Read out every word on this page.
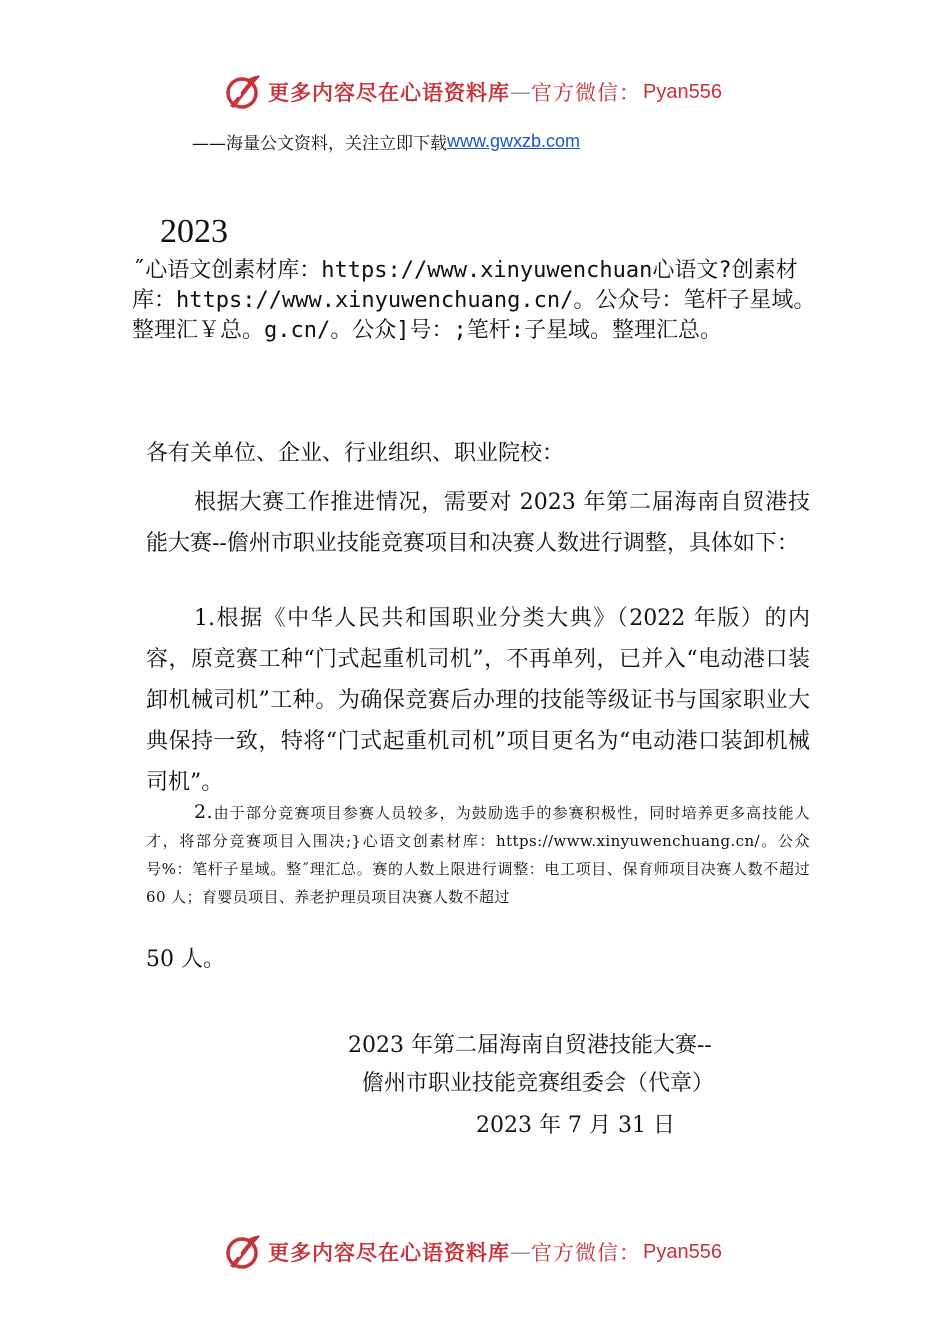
更多内容尽在心语资料库 — 官方微信： Pyan556
——海量公文资料，关注立即下载 www.gwxzb.com
2023
˝心语文创素材库：https://www.xinyuwenchuan心语文?创素材库：https://www.xinyuwenchuang.cn/。公众号：笔杆子星域。整理汇￥总。g.cn/。公众]号：;笔杆:子星域。整理汇总。
各有关单位、企业、行业组织、职业院校：
根据大赛工作推进情况，需要对 2023 年第二届海南自贸港技能大赛--儋州市职业技能竞赛项目和决赛人数进行调整，具体如下：
1.根据《中华人民共和国职业分类大典》（2022 年版）的内容，原竞赛工种“门式起重机司机”，不再单列，已并入“电动港口装卸机械司机”工种。为确保竞赛后办理的技能等级证书与国家职业大典保持一致，特将“门式起重机司机”项目更名为“电动港口装卸机械司机”。
2.由于部分竞赛项目参赛人员较多，为鼓励选手的参赛积极性，同时培养更多高技能人才，将部分竞赛项目入围决;}心语文创素材库：https://www.xinyuwenchuang.cn/。公众号%：笔杆子星域。整˝理汇总。赛的人数上限进行调整：电工项目、保育师项目决赛人数不超过 60 人；育婴员项目、养老护理员项目决赛人数不超过
50 人。
2023 年第二届海南自贸港技能大赛--
儋州市职业技能竞赛组委会（代章）
2023 年 7 月 31 日
更多内容尽在心语资料库 — 官方微信： Pyan556
